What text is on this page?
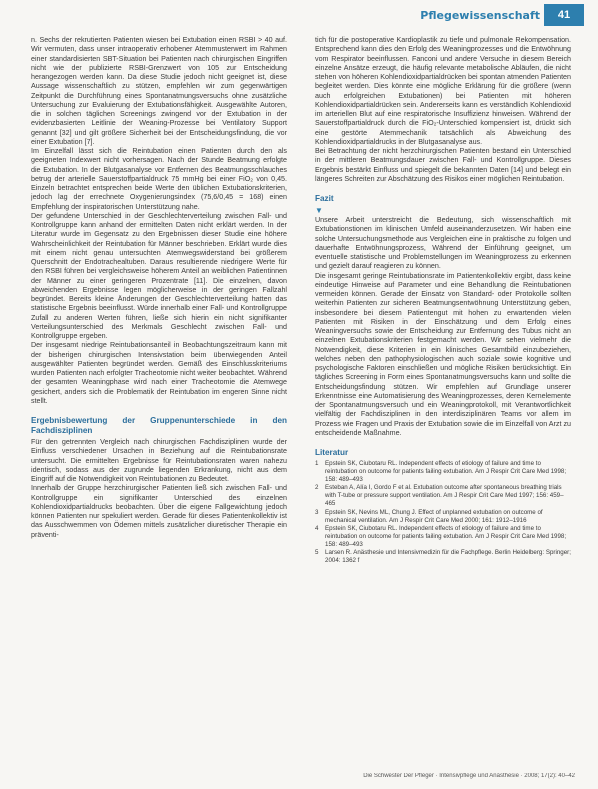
Pflegewissenschaft	41

n. Sechs der rekrutierten Patienten wiesen bei Extubation einen RSBI > 40 auf. Wir vermuten, dass unser intraoperativ erhobener Atemmusterwert im Rahmen einer standardisierten SBT-Situation bei Patienten nach chirurgischen Eingriffen nicht wie der publizierte RSBI-Grenzwert von 105 zur Entscheidung herangezogen werden kann. Da diese Studie jedoch nicht geeignet ist, diese Aussage wissenschaftlich zu stützen, empfehlen wir zum gegenwärtigen Zeitpunkt die Durchführung eines Spontanatmungsversuchs ohne zusätzliche Untersuchung zur Evaluierung der Extubationsfähigkeit. Ausgewählte Autoren, die in solchen täglichen Screenings zwingend vor der Extubation in der evidenzbasierten Leitlinie der Weaning-Prozesse bei Ventilatory Support genannt [32] und gilt größere Sicherheit bei der Entscheidungsfindung, die vor einer Extubation [7].

Im Einzelfall lässt sich die Reintubation einen Patienten durch den als geeigneten Indexwert nicht vorhersagen. Nach der Stunde Beatmung erfolgte die Extubation. In der Blutgasanalyse vor Entfernen des Beatmungsschlauches betrug der arterielle Sauerstoffpartialdruck 75 mmHg bei einer FiO₂ von 0,45. Einzeln betrachtet entsprechen beide Werte den üblichen Extubationskriterien, jedoch lag der errechnete Oxygenierungsindex (75,6/0,45 = 168) einen Empfehlung der inspiratorischen Unterstützung nahe.

Der gefundene Unterschied in der Geschlechterverteilung zwischen Fall- und Kontrollgruppe kann anhand der ermittelten Daten nicht erklärt werden. In der Literatur wurde im Gegensatz zu den Ergebnissen dieser Studie eine höhere Wahrscheinlichkeit der Reintubation für Männer beschrieben. Erklärt wurde dies mit einem nicht genau untersuchten Atemwegswiderstand bei größerem Querschnitt der Endotrachealtuben. Daraus resultierende niedrigere Werte für den RSBI führen bei vergleichsweise höherem Anteil an weiblichen Patientinnen der Männer zu einer geringeren Prozentrate [11]. Die einzelnen, davon abweichenden Ergebnisse legen möglicherweise in der geringen Fallzahl begründet. Bereits kleine Änderungen der Geschlechterverteilung hatten das statistische Ergebnis beeinflusst. Würde innerhalb einer Fall- und Kontrollgruppe Zufall zu anderen Werten führen, ließe sich hierin ein nicht signifikanter Verteilungsunterschied des Merkmals Geschlecht zwischen Fall- und Kontrollgruppe ergeben.

Der insgesamt niedrige Reintubationsanteil in Beobachtungszeitraum kann mit der bisherigen chirurgischen Intensivstation beim überwiegenden Anteil ausgewählter Patienten begründet werden. Gemäß des Einschlusskriteriums wurden Patienten nach erfolgter Tracheotomie nicht weiter beobachtet. Während der gesamten Weaningphase wird nach einer Tracheotomie die Atemwege gesichert, anders sich die Problematik der Reintubation im engeren Sinne nicht stellt.

Ergebnisbewertung der Gruppenunterschiede in den Fachdisziplinen

Für den getrennten Vergleich nach chirurgischen Fachdisziplinen wurde der Einfluss verschiedener Ursachen in Beziehung auf die Reintubationsrate untersucht. Die ermittelten Ergebnisse für Reintubationsraten waren nahezu identisch, sodass aus der zugrunde liegenden Erkrankung, nicht aus dem Eingriff auf die Notwendigkeit von Reintubationen zu Bedeutet.

Innerhalb der Gruppe herzchirurgischer Patienten ließ sich zwischen Fall- und Kontrollgruppe ein signifikanter Unterschied des einzelnen Kohlendioxidpartialdrucks beobachten. Über die eigene Fallgewichtung jedoch können Patienten nur spekuliert werden. Gerade für dieses Patientenkollektiv ist das Ausschwemmen von Ödemen mittels zusätzlicher diuretischer Therapie ein präventi-

tich für die postoperative Kardioplastik zu tiefe und pulmonale Rekompensation. Entsprechend kann dies den Erfolg des Weaningprozesses und die Entwöhnung vom Respirator beeinflussen. Fanconi und andere Versuche in diesem Bereich einzelne Ansätze erzeugt, die häufig relevante metabolische Abläufen, die nicht stehen von höheren Kohlendioxidpartialdrücken bei spontan atmenden Patienten begleitet werden. Dies könnte eine mögliche Erklärung für die größere (wenn auch erfolgreichen Extubationen) bei Patienten mit höheren Kohlendioxidpartialdrücken sein. Andererseits kann es verständlich Kohlendioxid im arteriellen Blut auf eine respiratorische Insuffizienz hinweisen. Während der Sauerstoffpartialdruck durch die FiO₂-Unterschied kompensiert ist, drückt sich eine gestörte Atemmechanik tatsächlich als Abweichung des Kohlendioxidpartialdrucks in der Blutgasanalyse aus.

Bei Betrachtung der nicht herzchirurgischen Patienten bestand ein Unterschied in der mittleren Beatmungsdauer zwischen Fall- und Kontrollgruppe. Dieses Ergebnis bestärkt Einfluss und spiegelt die bekannten Daten [14] und belegt ein längeres Schreiten zur Abschätzung des Risikos einer möglichen Reintubation.

Fazit
▼

Unsere Arbeit unterstreicht die Bedeutung, sich wissenschaftlich mit Extubationstionen im klinischen Umfeld auseinanderzusetzen. Wir haben eine solche Untersuchungsmethode aus Vergleichen eine in praktische zu folgen und dauerhafte Entwöhnungsprozess, Während der Einführung geeignet, um eventuelle statistische und Problemstellungen im Weaningprozess zu erkennen und gezielt darauf reagieren zu können.

Die insgesamt geringe Reintubationsrate im Patientenkollektiv ergibt, dass keine eindeutige Hinweise auf Parameter und eine Behandlung die Reintubationen vermeiden können. Gerade der Einsatz von Standard- oder Protokolle sollten weiterhin Patienten zur sicheren Beatmungsentwöhnung Unterstützung geben, insbesondere bei diesem Patientengut mit hohen zu erwartenden vielen Patienten mit Risiken in der Einschätzung und dem Erfolg eines Weaningversuchs sowie der Entscheidung zur Entfernung des Tubus nicht an einzelnen Extubationskriterien festgemacht werden. Wir sehen vielmehr die Notwendigkeit, diese Kriterien in ein klinisches Gesamtbild einzubeziehen, welches neben den pathophysiologischen auch soziale sowie kognitive und psychologische Faktoren einschließen und mögliche Risiken berücksichtigt. Ein tägliches Screening in Form eines Spontanatmungsversuchs kann und sollte die Entscheidungsfindung stützen. Wir empfehlen auf Grundlage unserer Erkenntnisse eine Automatisierung des Weaningprozesses, deren Kernelemente der Spontanatmungsversuch und ein Weaningprotokoll, mit Verantwortlichkeit vielfältig der Fachdisziplinen in den interdisziplinären Teams vor allem im Prozess wie Fragen und Praxis der Extubation sowie die im Einzelfall von Arzt zu entscheidende Maßnahme.

Literatur
1	Epstein SK, Ciubotaru RL. Independent effects of etiology of failure and time to reintubation on outcome for patients failing extubation. Am J Respir Crit Care Med 1998; 158: 489–493
2	Esteban A, Alía I, Gordo F et al. Extubation outcome after spontaneous breathing trials with T-tube or pressure support ventilation. Am J Respir Crit Care Med 1997; 156: 459–465
3	Epstein SK, Nevins ML, Chung J. Effect of unplanned extubation on outcome of mechanical ventilation. Am J Respir Crit Care Med 2000; 161: 1912–1916
4	Epstein SK, Ciubotaru RL. Independent effects of etiology of failure and time to reintubation on outcome for patients failing extubation. Am J Respir Crit Care Med 1998; 158: 489–493
5	Larsen R. Anästhesie und Intensivmedizin für die Fachpflege. Berlin Heidelberg: Springer; 2004: 1362 f
Die Schwester Der Pfleger · Intensivpflege und Anästhesie · 2008; 17(2): 40–42
